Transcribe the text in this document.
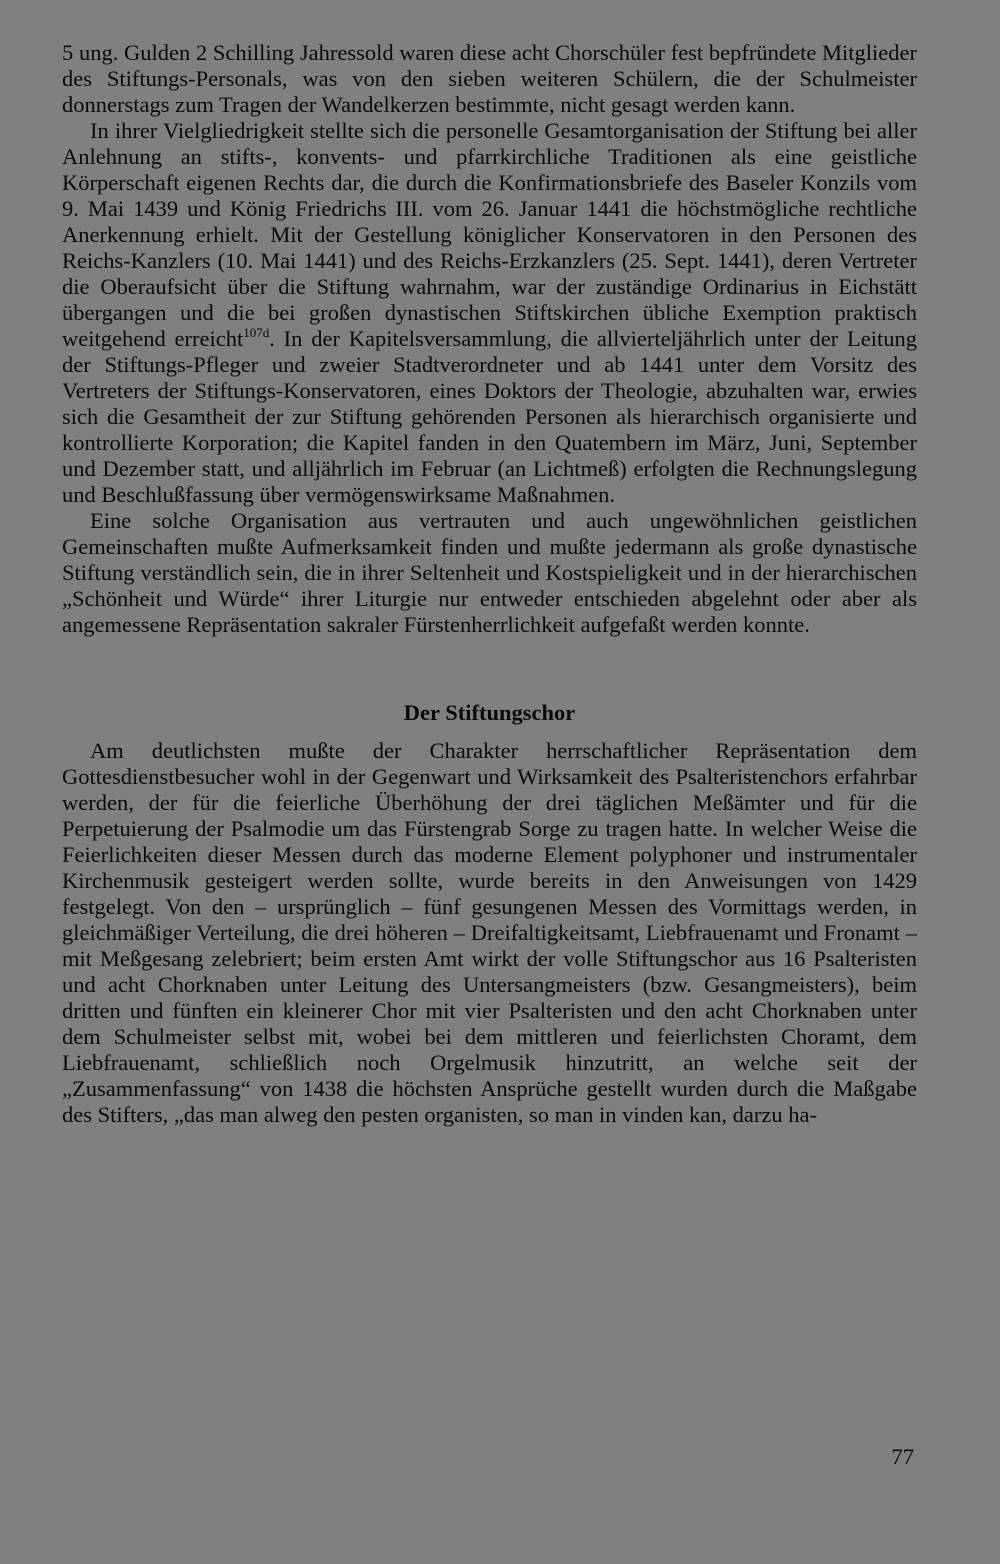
5 ung. Gulden 2 Schilling Jahressold waren diese acht Chorschüler fest bepfründete Mitglieder des Stiftungs-Personals, was von den sieben weiteren Schülern, die der Schulmeister donnerstags zum Tragen der Wandelkerzen bestimmte, nicht gesagt werden kann.

In ihrer Vielgliedrigkeit stellte sich die personelle Gesamtorganisation der Stiftung bei aller Anlehnung an stifts-, konvents- und pfarrkirchliche Traditionen als eine geistliche Körperschaft eigenen Rechts dar, die durch die Konfirmationsbriefe des Baseler Konzils vom 9. Mai 1439 und König Friedrichs III. vom 26. Januar 1441 die höchstmögliche rechtliche Anerkennung erhielt. Mit der Gestellung königlicher Konservatoren in den Personen des Reichs-Kanzlers (10. Mai 1441) und des Reichs-Erzkanzlers (25. Sept. 1441), deren Vertreter die Oberaufsicht über die Stiftung wahrnahm, war der zuständige Ordinarius in Eichstätt übergangen und die bei großen dynastischen Stiftskirchen übliche Exemption praktisch weitgehend erreicht$^{107d}$. In der Kapitelsversammlung, die allvierteljährlich unter der Leitung der Stiftungs-Pfleger und zweier Stadtverordneter und ab 1441 unter dem Vorsitz des Vertreters der Stiftungs-Konservatoren, eines Doktors der Theologie, abzuhalten war, erwies sich die Gesamtheit der zur Stiftung gehörenden Personen als hierarchisch organisierte und kontrollierte Korporation; die Kapitel fanden in den Quatembern im März, Juni, September und Dezember statt, und alljährlich im Februar (an Lichtmeß) erfolgten die Rechnungslegung und Beschlußfassung über vermögenswirksame Maßnahmen.

Eine solche Organisation aus vertrauten und auch ungewöhnlichen geistlichen Gemeinschaften mußte Aufmerksamkeit finden und mußte jedermann als große dynastische Stiftung verständlich sein, die in ihrer Seltenheit und Kostspieligkeit und in der hierarchischen „Schönheit und Würde“ ihrer Liturgie nur entweder entschieden abgelehnt oder aber als angemessene Repräsentation sakraler Fürstenherrlichkeit aufgefaßt werden konnte.

Der Stiftungschor

Am deutlichsten mußte der Charakter herrschaftlicher Repräsentation dem Gottesdienstbesucher wohl in der Gegenwart und Wirksamkeit des Psalteristenchors erfahrbar werden, der für die feierliche Überhöhung der drei täglichen Meßämter und für die Perpetuierung der Psalmodie um das Fürstengrab Sorge zu tragen hatte. In welcher Weise die Feierlichkeiten dieser Messen durch das moderne Element polyphoner und instrumentaler Kirchenmusik gesteigert werden sollte, wurde bereits in den Anweisungen von 1429 festgelegt. Von den – ursprünglich – fünf gesungenen Messen des Vormittags werden, in gleichmäßiger Verteilung, die drei höheren – Dreifaltigkeitsamt, Liebfrauenamt und Fronamt – mit Meßgesang zelebriert; beim ersten Amt wirkt der volle Stiftungschor aus 16 Psalteristen und acht Chorknaben unter Leitung des Untersangmeisters (bzw. Gesangmeisters), beim dritten und fünften ein kleinerer Chor mit vier Psalteristen und den acht Chorknaben unter dem Schulmeister selbst mit, wobei bei dem mittleren und feierlichsten Choramt, dem Liebfrauenamt, schließlich noch Orgelmusik hinzutritt, an welche seit der „Zusammenfassung“ von 1438 die höchsten Ansprüche gestellt wurden durch die Maßgabe des Stifters, „das man alweg den pesten organisten, so man in vinden kan, darzu ha-

77
